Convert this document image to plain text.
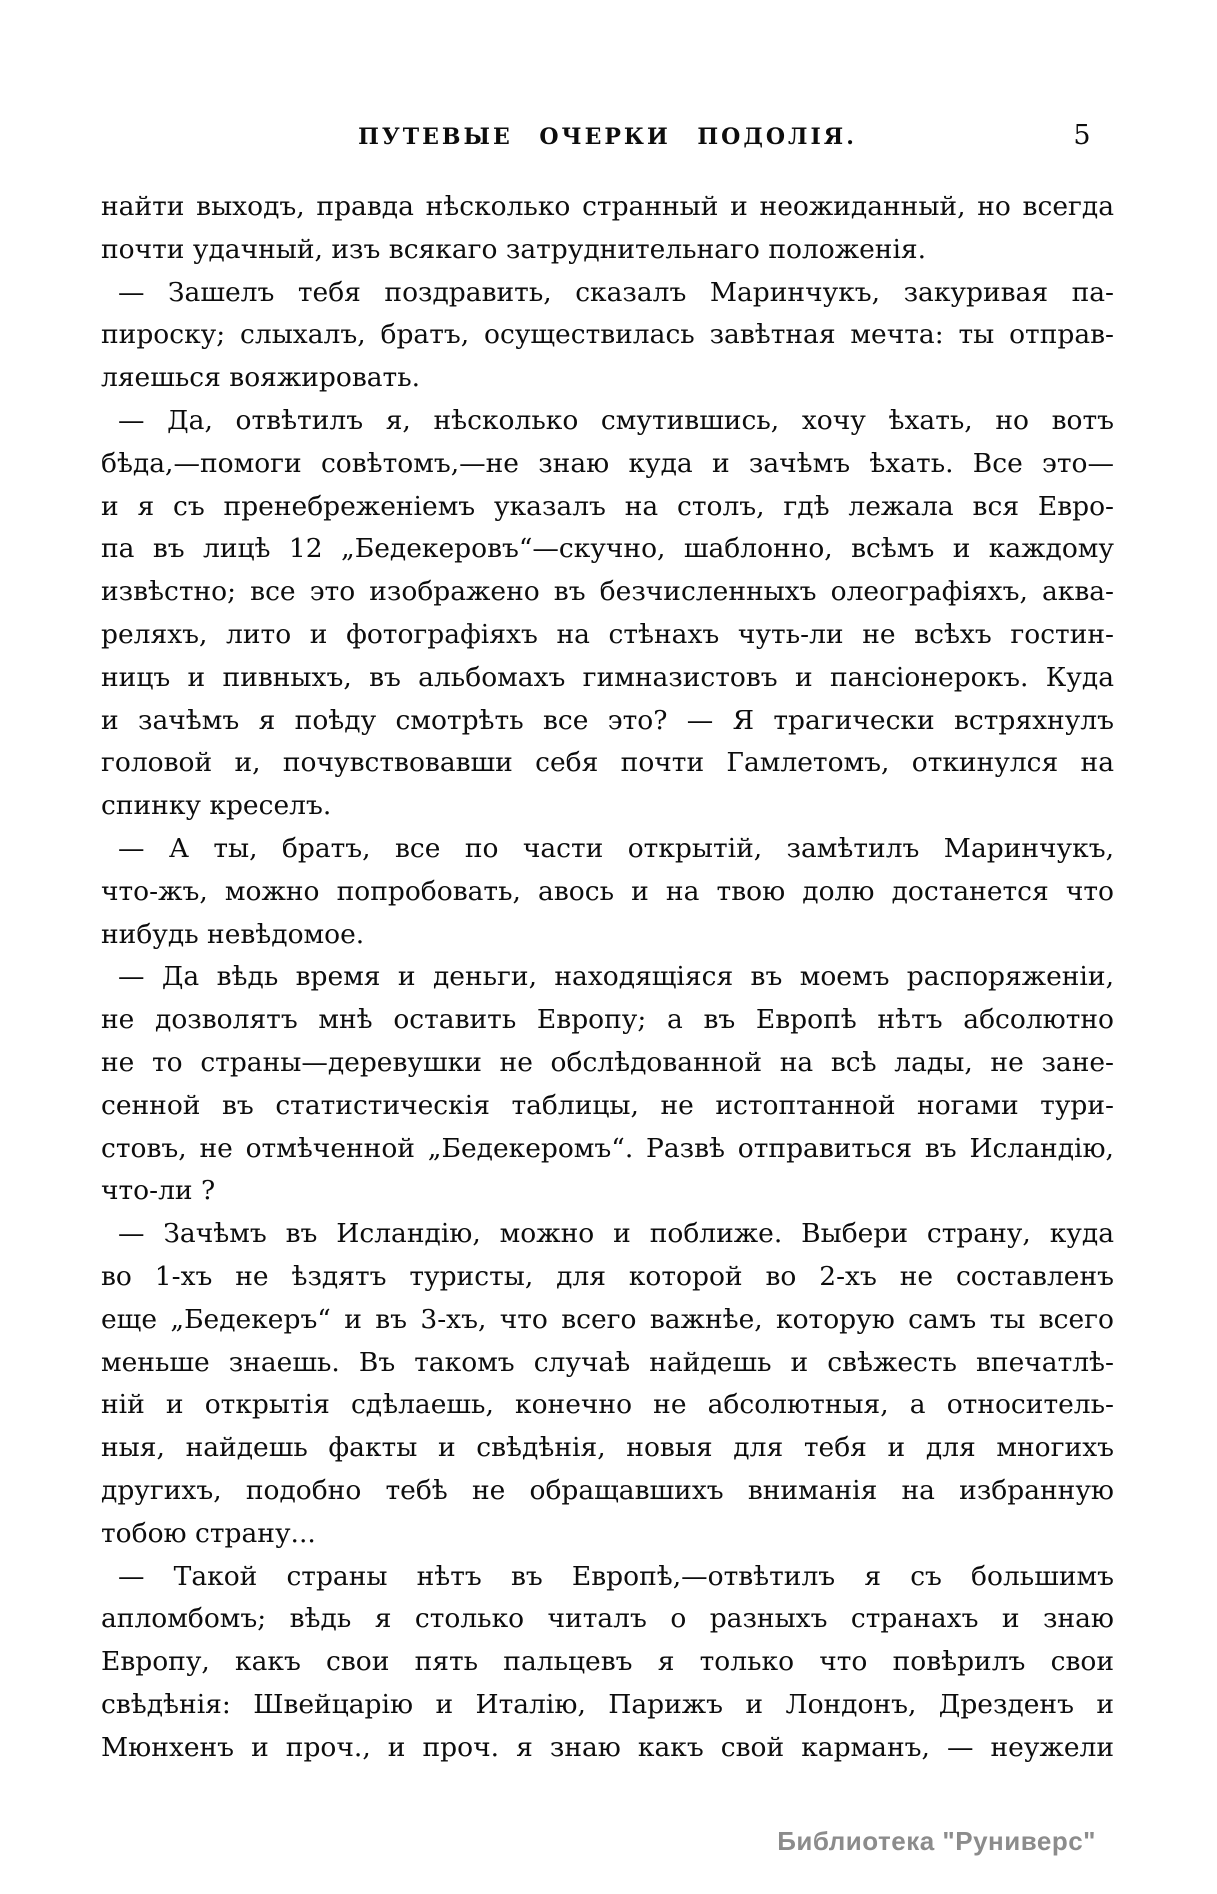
ПУТЕВЫЕ ОЧЕРКИ ПОДОЛІЯ.	5
найти выходъ, правда нѣсколько странный и неожиданный, но всегда
почти удачный, изъ всякаго затруднительнаго положенія.
— Зашелъ тебя поздравить, сказалъ Маринчукъ, закуривая па-
пироску; слыхалъ, братъ, осуществилась завѣтная мечта: ты отправ-
ляешься вояжировать.
— Да, отвѣтилъ я, нѣсколько смутившись, хочу ѣхать, но вотъ
бѣда,—помоги совѣтомъ,—не знаю куда и зачѣмъ ѣхать. Все это—
и я съ пренебреженіемъ указалъ на столъ, гдѣ лежала вся Евро-
па въ лицѣ 12 „Бедекеровъ“—скучно, шаблонно, всѣмъ и каждому
извѣстно; все это изображено въ безчисленныхъ олеографіяхъ, аква-
реляхъ, лито и фотографіяхъ на стѣнахъ чуть-ли не всѣхъ гостин-
ницъ и пивныхъ, въ альбомахъ гимназистовъ и пансіонерокъ. Куда
и зачѣмъ я поѣду смотрѣть все это? — Я трагически встряхнулъ
головой и, почувствовавши себя почти Гамлетомъ, откинулся на
спинку креселъ.
— А ты, братъ, все по части открытій, замѣтилъ Маринчукъ,
что-жъ, можно попробовать, авось и на твою долю достанется что
нибудь невѣдомое.
— Да вѣдь время и деньги, находящіяся въ моемъ распоряженіи,
не дозволятъ мнѣ оставить Европу; а въ Европѣ нѣтъ абсолютно
не то страны—деревушки не обслѣдованной на всѣ лады, не зане-
сенной въ статистическія таблицы, не истоптанной ногами тури-
стовъ, не отмѣченной „Бедекеромъ“. Развѣ отправиться въ Исландію,
что-ли ?
— Зачѣмъ въ Исландію, можно и поближе. Выбери страну, куда
во 1-хъ не ѣздятъ туристы, для которой во 2-хъ не составленъ
еще „Бедекеръ“ и въ 3-хъ, что всего важнѣе, которую самъ ты всего
меньше знаешь. Въ такомъ случаѣ найдешь и свѣжесть впечатлѣ-
ній и открытія сдѣлаешь, конечно не абсолютныя, а относитель-
ныя, найдешь факты и свѣдѣнія, новыя для тебя и для многихъ
другихъ, подобно тебѣ не обращавшихъ вниманія на избранную
тобою страну...
— Такой страны нѣтъ въ Европѣ,—отвѣтилъ я съ большимъ
апломбомъ; вѣдь я столько читалъ о разныхъ странахъ и знаю
Европу, какъ свои пять пальцевъ я только что повѣрилъ свои
свѣдѣнія: Швейцарію и Италію, Парижъ и Лондонъ, Дрезденъ и
Мюнхенъ и проч., и проч. я знаю какъ свой карманъ, — неужели
Библиотека "Руниверс"
